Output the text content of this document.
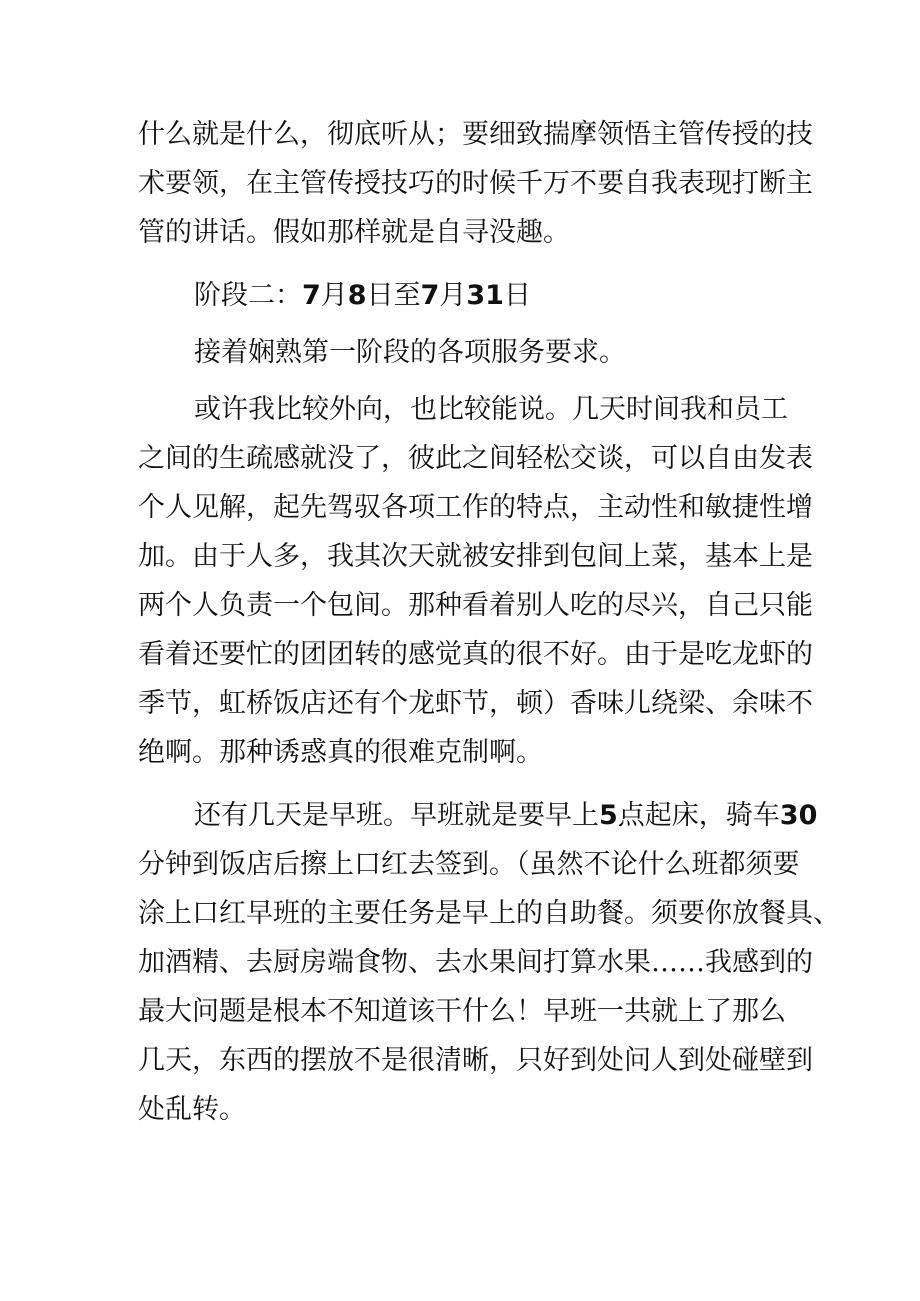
什么就是什么，彻底听从；要细致揣摩领悟主管传授的技
术要领，在主管传授技巧的时候千万不要自我表现打断主
管的讲话。假如那样就是自寻没趣。
阶段二：7月8日至7月31日
接着娴熟第一阶段的各项服务要求。
或许我比较外向，也比较能说。几天时间我和员工
之间的生疏感就没了，彼此之间轻松交谈，可以自由发表
个人见解，起先驾驭各项工作的特点，主动性和敏捷性增
加。由于人多，我其次天就被安排到包间上菜，基本上是
两个人负责一个包间。那种看着别人吃的尽兴，自己只能
看着还要忙的团团转的感觉真的很不好。由于是吃龙虾的
季节，虹桥饭店还有个龙虾节，顿）香味儿绕梁、余味不
绝啊。那种诱惑真的很难克制啊。
还有几天是早班。早班就是要早上5点起床，骑车30
分钟到饭店后擦上口红去签到。（虽然不论什么班都须要
涂上口红早班的主要任务是早上的自助餐。须要你放餐具、
加酒精、去厨房端食物、去水果间打算水果……我感到的
最大问题是根本不知道该干什么！早班一共就上了那么
几天，东西的摆放不是很清晰，只好到处问人到处碰壁到
处乱转。
